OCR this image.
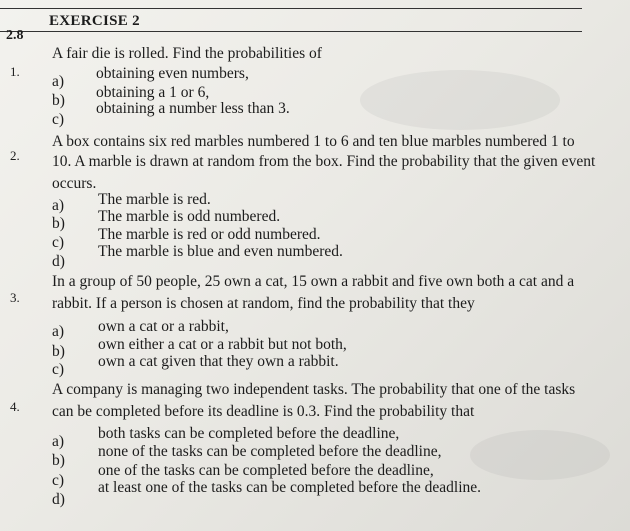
2.8
EXERCISE 2
1.
A fair die is rolled. Find the probabilities of
a) obtaining even numbers,
b) obtaining a 1 or 6,
c)
obtaining a number less than 3.
2.
A box contains six red marbles numbered 1 to 6 and ten blue marbles numbered 1 to
10. A marble is drawn at random from the box. Find the probability that the given event
occurs.
a) The marble is red.
b) The marble is odd numbered.
c) The marble is red or odd numbered.
d)
The marble is blue and even numbered.
3.
In a group of 50 people, 25 own a cat, 15 own a rabbit and five own both a cat and a
rabbit. If a person is chosen at random, find the probability that they
a) own a cat or a rabbit,
b) own either a cat or a rabbit but not both,
c) own a cat given that they own a rabbit.
4.
A company is managing two independent tasks. The probability that one of the tasks
can be completed before its deadline is 0.3. Find the probability that
a) both tasks can be completed before the deadline,
b)
none of the tasks can be completed before the deadline,
c)
one of the tasks can be completed before the deadline,
d)
at least one of the tasks can be completed before the deadline.
